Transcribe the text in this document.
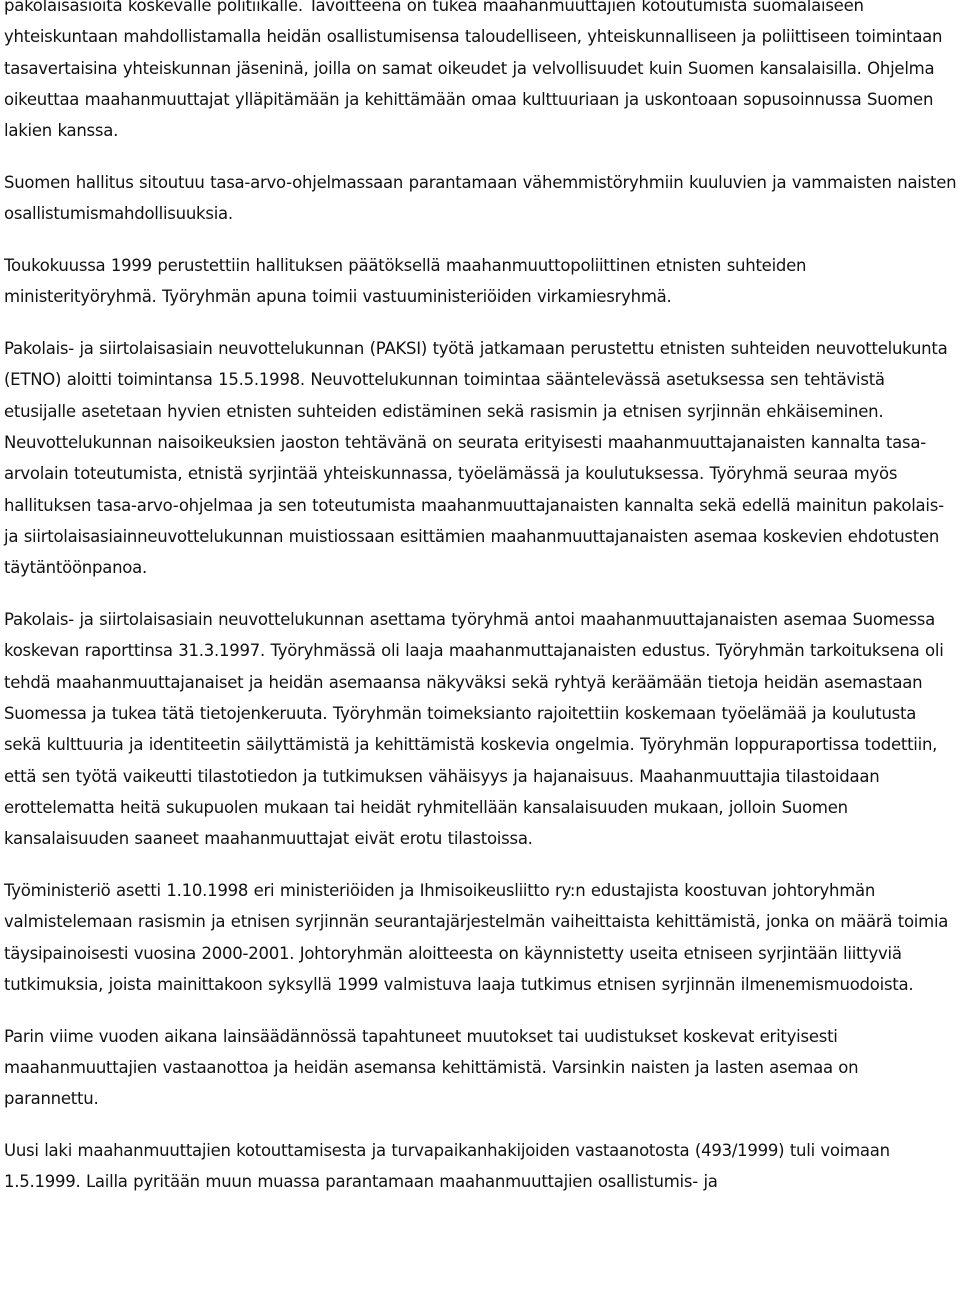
pakolaisasioita koskevalle politiikalle. Tavoitteena on tukea maahanmuuttajien kotoutumista suomalaiseen yhteiskuntaan mahdollistamalla heidän osallistumisensa taloudelliseen, yhteiskunnalliseen ja poliittiseen toimintaan tasavertaisina yhteiskunnan jäseninä, joilla on samat oikeudet ja velvollisuudet kuin Suomen kansalaisilla. Ohjelma oikeuttaa maahanmuuttajat ylläpitämään ja kehittämään omaa kulttuuriaan ja uskontoaan sopusoinnussa Suomen lakien kanssa.

Suomen hallitus sitoutuu tasa-arvo-ohjelmassaan parantamaan vähemmistöryhmiin kuuluvien ja vammaisten naisten osallistumismahdollisuuksia.

Toukokuussa 1999 perustettiin hallituksen päätöksellä maahanmuuttopoliittinen etnisten suhteiden ministerityöryhmä. Työryhmän apuna toimii vastuuministeriöiden virkamiesryhmä.

Pakolais- ja siirtolaisasiain neuvottelukunnan (PAKSI) työtä jatkamaan perustettu etnisten suhteiden neuvottelukunta (ETNO) aloitti toimintansa 15.5.1998. Neuvottelukunnan toimintaa sääntelevässä asetuksessa sen tehtävistä etusijalle asetetaan hyvien etnisten suhteiden edistäminen sekä rasismin ja etnisen syrjinnän ehkäiseminen. Neuvottelukunnan naisoikeuksien jaoston tehtävänä on seurata erityisesti maahanmuuttajanaisten kannalta tasa-arvolain toteutumista, etnistä syrjintää yhteiskunnassa, työelämässä ja koulutuksessa. Työryhmä seuraa myös hallituksen tasa-arvo-ohjelmaa ja sen toteutumista maahanmuuttajanaisten kannalta sekä edellä mainitun pakolais- ja siirtolaisasiainneuvottelukunnan muistiossaan esittämien maahanmuuttajanaisten asemaa koskevien ehdotusten täytäntöönpanoa.

Pakolais- ja siirtolaisasiain neuvottelukunnan asettama työryhmä antoi maahanmuuttajanaisten asemaa Suomessa koskevan raporttinsa 31.3.1997. Työryhmässä oli laaja maahanmuttajanaisten edustus. Työryhmän tarkoituksena oli tehdä maahanmuuttajanaiset ja heidän asemaansa näkyväksi sekä ryhtyä keräämään tietoja heidän asemastaan Suomessa ja tukea tätä tietojenkeruuta. Työryhmän toimeksianto rajoitettiin koskemaan työelämää ja koulutusta sekä kulttuuria ja identiteetin säilyttämistä ja kehittämistä koskevia ongelmia. Työryhmän loppuraportissa todettiin, että sen työtä vaikeutti tilastotiedon ja tutkimuksen vähäisyys ja hajanaisuus. Maahanmuuttajia tilastoidaan erottelematta heitä sukupuolen mukaan tai heidät ryhmitellään kansalaisuuden mukaan, jolloin Suomen kansalaisuuden saaneet maahanmuuttajat eivät erotu tilastoissa.

Työministeriö asetti 1.10.1998 eri ministeriöiden ja Ihmisoikeusliitto ry:n edustajista koostuvan johtoryhmän valmistelemaan rasismin ja etnisen syrjinnän seurantajärjestelmän vaiheittaista kehittämistä, jonka on määrä toimia täysipainoisesti vuosina 2000-2001. Johtoryhmän aloitteesta on käynnistetty useita etniseen syrjintään liittyviä tutkimuksia, joista mainittakoon syksyllä 1999 valmistuva laaja tutkimus etnisen syrjinnän ilmenemismuodoista.

Parin viime vuoden aikana lainsäädännössä tapahtuneet muutokset tai uudistukset koskevat erityisesti maahanmuuttajien vastaanottoa ja heidän asemansa kehittämistä. Varsinkin naisten ja lasten asemaa on parannettu.

Uusi laki maahanmuuttajien kotouttamisesta ja turvapaikanhakijoiden vastaanotosta (493/1999) tuli voimaan 1.5.1999. Lailla pyritään muun muassa parantamaan maahanmuuttajien osallistumis- ja
